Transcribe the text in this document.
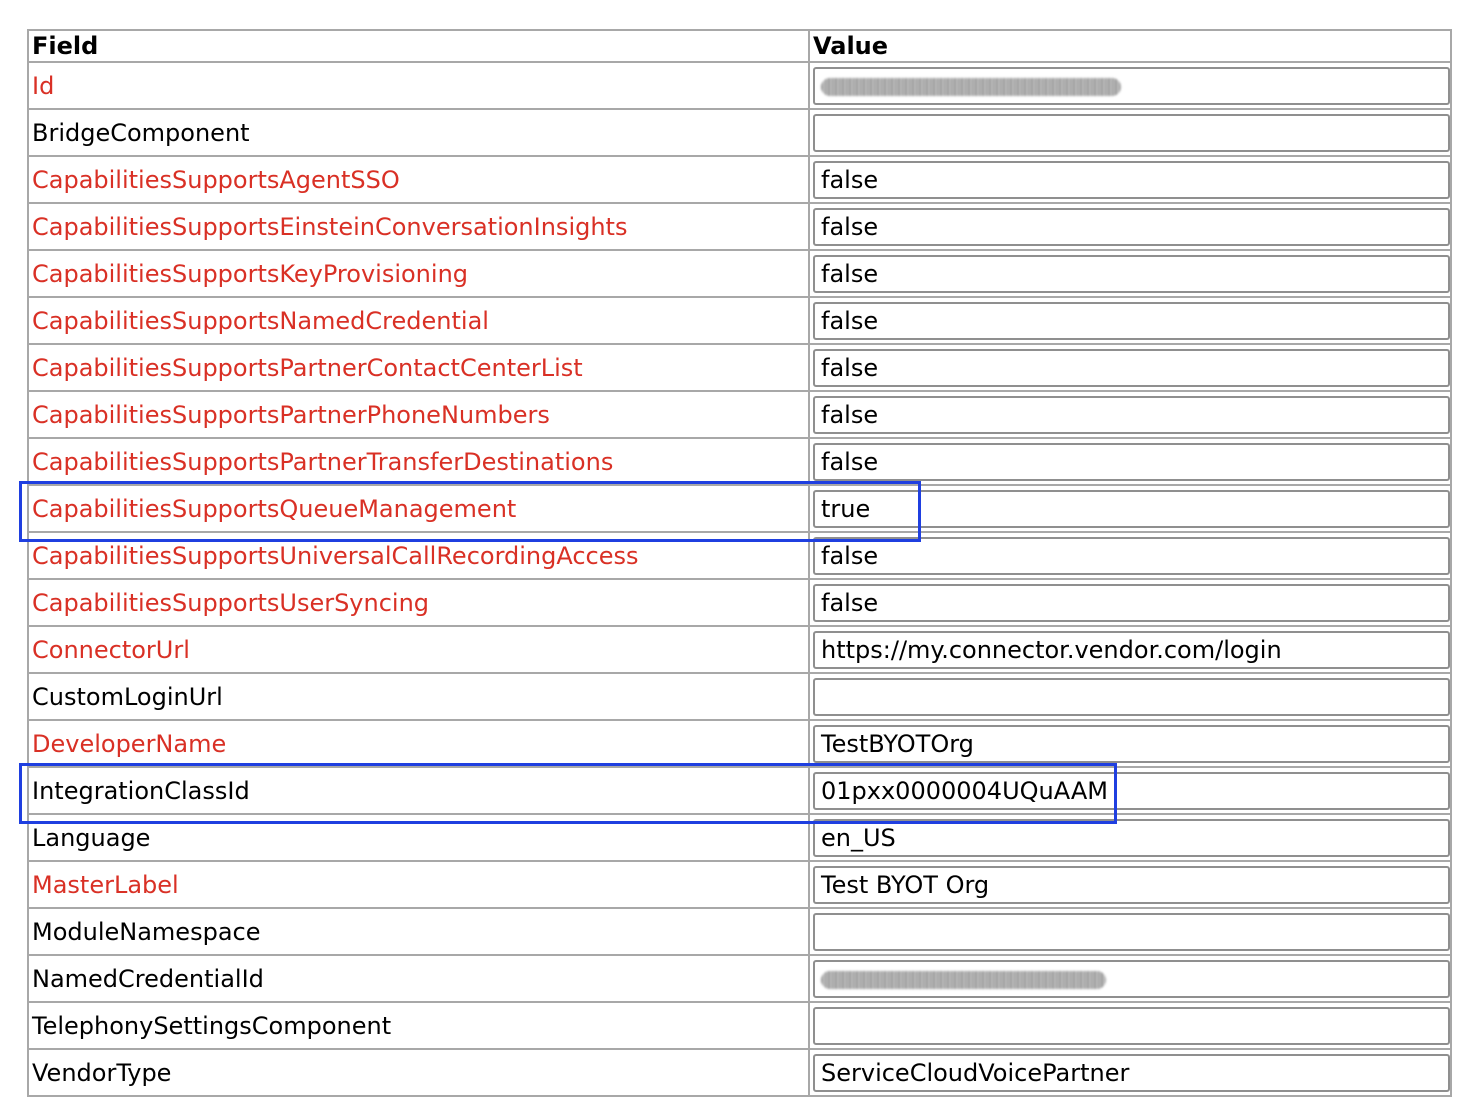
Field	Value
Id	

BridgeComponent	

CapabilitiesSupportsAgentSSO	false

CapabilitiesSupportsEinsteinConversationInsights	false

CapabilitiesSupportsKeyProvisioning	false

CapabilitiesSupportsNamedCredential	false

CapabilitiesSupportsPartnerContactCenterList	false

CapabilitiesSupportsPartnerPhoneNumbers	false

CapabilitiesSupportsPartnerTransferDestinations	false

CapabilitiesSupportsQueueManagement	true

CapabilitiesSupportsUniversalCallRecordingAccess	false

CapabilitiesSupportsUserSyncing	false

ConnectorUrl	https://my.connector.vendor.com/login

CustomLoginUrl	

DeveloperName	TestBYOTOrg

IntegrationClassId	01pxx0000004UQuAAM

Language	en_US

MasterLabel	Test BYOT Org

ModuleNamespace	

NamedCredentialId	

TelephonySettingsComponent	

VendorType	ServiceCloudVoicePartner
